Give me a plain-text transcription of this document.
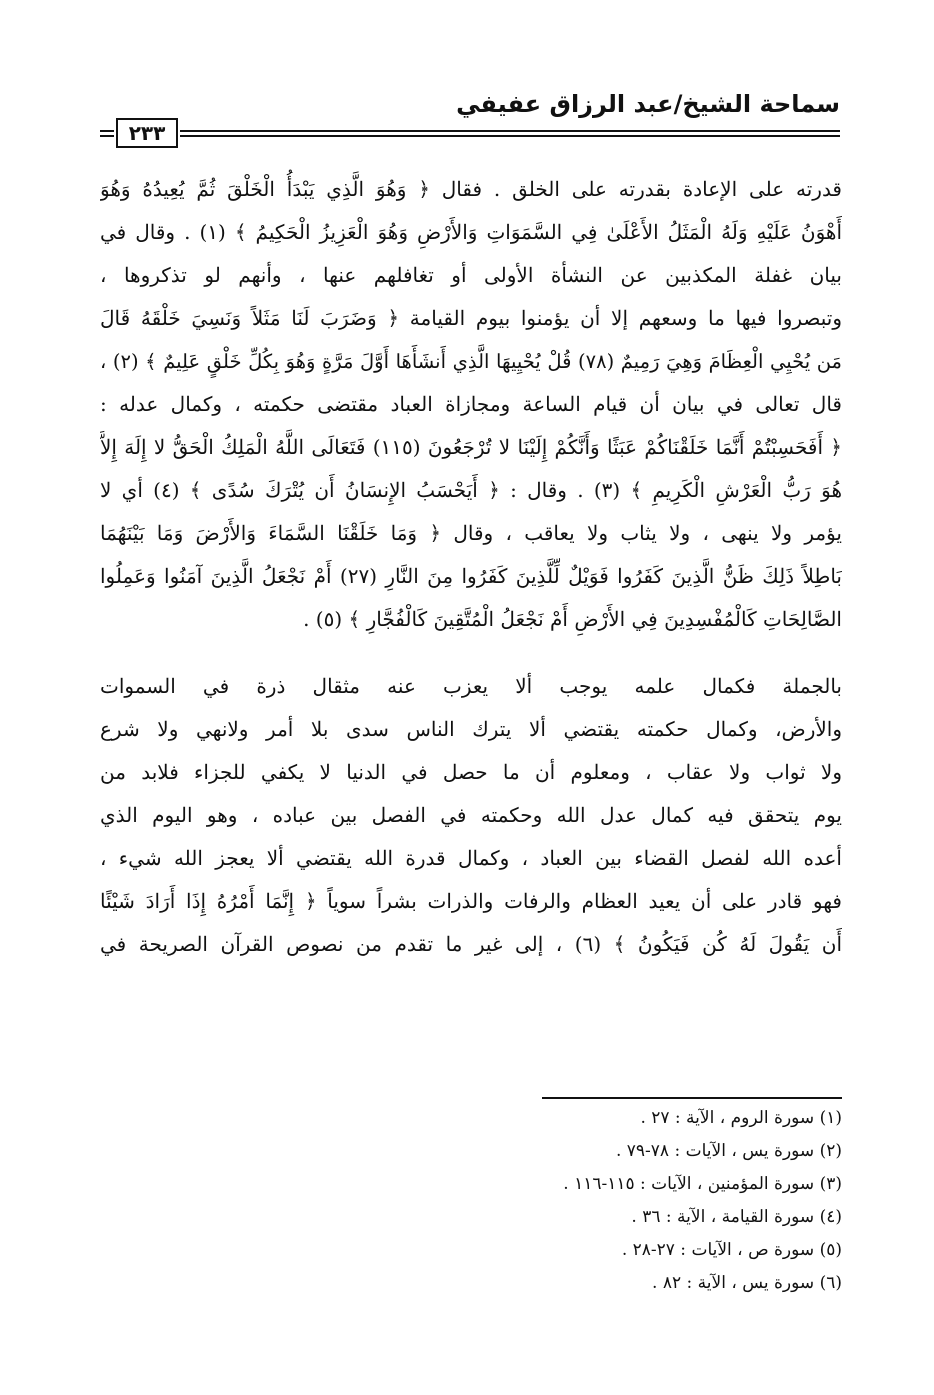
سماحة الشيخ/عبد الرزاق عفيفي
٢٣٣

قدرته على الإعادة بقدرته على الخلق . فقال ﴿ وَهُوَ الَّذِي يَبْدَأُ الْخَلْقَ ثُمَّ يُعِيدُهُ وَهُوَ

أَهْوَنُ عَلَيْهِ وَلَهُ الْمَثَلُ الأَعْلَىٰ فِي السَّمَوَاتِ وَالأَرْضِ وَهُوَ الْعَزِيزُ الْحَكِيمُ ﴾ (١) . وقال في

بيان غفلة المكذبين عن النشأة الأولى أو تغافلهم عنها ، وأنهم لو تذكروها ،

وتبصروا فيها ما وسعهم إلا أن يؤمنوا بيوم القيامة ﴿ وَضَرَبَ لَنَا مَثَلاً وَنَسِيَ خَلْقَهُ قَالَ

مَن يُحْيِي الْعِظَامَ وَهِيَ رَمِيمٌ (٧٨) قُلْ يُحْيِيهَا الَّذِي أَنشَأَهَا أَوَّلَ مَرَّةٍ وَهُوَ بِكُلِّ خَلْقٍ عَلِيمٌ ﴾ (٢) ،

قال تعالى في بيان أن قيام الساعة ومجازاة العباد مقتضى حكمته ، وكمال عدله :

﴿ أَفَحَسِبْتُمْ أَنَّمَا خَلَقْنَاكُمْ عَبَثًا وَأَنَّكُمْ إِلَيْنَا لا تُرْجَعُونَ (١١٥) فَتَعَالَى اللَّهُ الْمَلِكُ الْحَقُّ لا إِلَهَ إِلاَّ

هُوَ رَبُّ الْعَرْشِ الْكَرِيمِ ﴾ (٣) . وقال : ﴿ أَيَحْسَبُ الإِنسَانُ أَن يُتْرَكَ سُدًى ﴾ (٤) أي لا

يؤمر ولا ينهى ، ولا يثاب ولا يعاقب ، وقال ﴿ وَمَا خَلَقْنَا السَّمَاءَ وَالأَرْضَ وَمَا بَيْنَهُمَا

بَاطِلاً ذَلِكَ ظَنُّ الَّذِينَ كَفَرُوا فَوَيْلٌ لِّلَّذِينَ كَفَرُوا مِنَ النَّارِ (٢٧) أَمْ نَجْعَلُ الَّذِينَ آمَنُوا وَعَمِلُوا

الصَّالِحَاتِ كَالْمُفْسِدِينَ فِي الأَرْضِ أَمْ نَجْعَلُ الْمُتَّقِينَ كَالْفُجَّارِ ﴾ (٥) .

بالجملة فكمال علمه يوجب ألا يعزب عنه مثقال ذرة في السموات

والأرض، وكمال حكمته يقتضي ألا يترك الناس سدى بلا أمر ولانهي ولا شرع

ولا ثواب ولا عقاب ، ومعلوم أن ما حصل في الدنيا لا يكفي للجزاء فلابد من

يوم يتحقق فيه كمال عدل الله وحكمته في الفصل بين عباده ، وهو اليوم الذي

أعده الله لفصل القضاء بين العباد ، وكمال قدرة الله يقتضي ألا يعجز الله شيء ،

فهو قادر على أن يعيد العظام والرفات والذرات بشراً سوياً ﴿ إِنَّمَا أَمْرُهُ إِذَا أَرَادَ شَيْئًا

أَن يَقُولَ لَهُ كُن فَيَكُونُ ﴾ (٦) ، إلى غير ما تقدم من نصوص القرآن الصريحة في

(١) سورة الروم ، الآية : ٢٧ .
(٢) سورة يس ، الآيات : ٧٨-٧٩ .
(٣) سورة المؤمنين ، الآيات : ١١٥-١١٦ .
(٤) سورة القيامة ، الآية : ٣٦ .
(٥) سورة ص ، الآيات : ٢٧-٢٨ .
(٦) سورة يس ، الآية : ٨٢ .
